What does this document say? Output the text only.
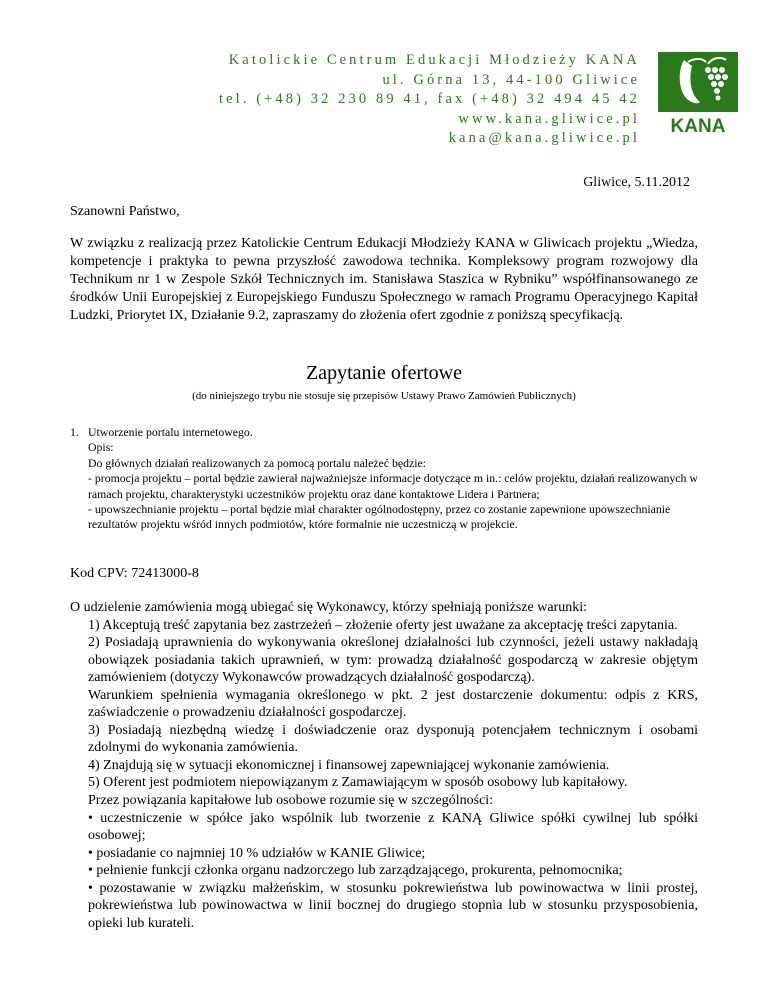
Katolickie Centrum Edukacji Młodzieży KANA
ul. Górna 13, 44-100 Gliwice
tel. (+48) 32 230 89 41, fax (+48) 32 494 45 42
www.kana.gliwice.pl
kana@kana.gliwice.pl
KANA
Gliwice, 5.11.2012
Szanowni Państwo,
W związku z realizacją przez Katolickie Centrum Edukacji Młodzieży KANA w Gliwicach projektu „Wiedza, kompetencje i praktyka to pewna przyszłość zawodowa technika. Kompleksowy program rozwojowy dla Technikum nr 1 w Zespole Szkół Technicznych im. Stanisława Staszica w Rybniku” współfinansowanego ze środków Unii Europejskiej z Europejskiego Funduszu Społecznego w ramach Programu Operacyjnego Kapitał Ludzki, Priorytet IX, Działanie 9.2, zapraszamy do złożenia ofert zgodnie z poniższą specyfikacją.
Zapytanie ofertowe
(do niniejszego trybu nie stosuje się przepisów Ustawy Prawo Zamówień Publicznych)
1. Utworzenie portalu internetowego.
Opis:
Do głównych działań realizowanych za pomocą portalu należeć będzie:
- promocja projektu – portal będzie zawierał najważniejsze informacje dotyczące m in.: celów projektu, działań realizowanych w ramach projektu, charakterystyki uczestników projektu oraz dane kontaktowe Lidera i Partnera;
- upowszechnianie projektu – portal będzie miał charakter ogólnodostępny, przez co zostanie zapewnione upowszechnianie rezultatów projektu wśród innych podmiotów, które formalnie nie uczestniczą w projekcie.
Kod CPV: 72413000-8
O udzielenie zamówienia mogą ubiegać się Wykonawcy, którzy spełniają poniższe warunki:
1) Akceptują treść zapytania bez zastrzeżeń – złożenie oferty jest uważane za akceptację treści zapytania.
2) Posiadają uprawnienia do wykonywania określonej działalności lub czynności, jeżeli ustawy nakładają obowiązek posiadania takich uprawnień, w tym: prowadzą działalność gospodarczą w zakresie objętym zamówieniem (dotyczy Wykonawców prowadzących działalność gospodarczą).
Warunkiem spełnienia wymagania określonego w pkt. 2 jest dostarczenie dokumentu: odpis z KRS, zaświadczenie o prowadzeniu działalności gospodarczej.
3) Posiadają niezbędną wiedzę i doświadczenie oraz dysponują potencjałem technicznym i osobami zdolnymi do wykonania zamówienia.
4) Znajdują się w sytuacji ekonomicznej i finansowej zapewniającej wykonanie zamówienia.
5) Oferent jest podmiotem niepowiązanym z Zamawiającym w sposób osobowy lub kapitałowy.
Przez powiązania kapitałowe lub osobowe rozumie się w szczególności:
• uczestniczenie w spółce jako wspólnik lub tworzenie z KANĄ Gliwice spółki cywilnej lub spółki osobowej;
• posiadanie co najmniej 10 % udziałów w KANIE Gliwice;
• pełnienie funkcji członka organu nadzorczego lub zarządzającego, prokurenta, pełnomocnika;
• pozostawanie w związku małżeńskim, w stosunku pokrewieństwa lub powinowactwa w linii prostej, pokrewieństwa lub powinowactwa w linii bocznej do drugiego stopnia lub w stosunku przysposobienia, opieki lub kurateli.
